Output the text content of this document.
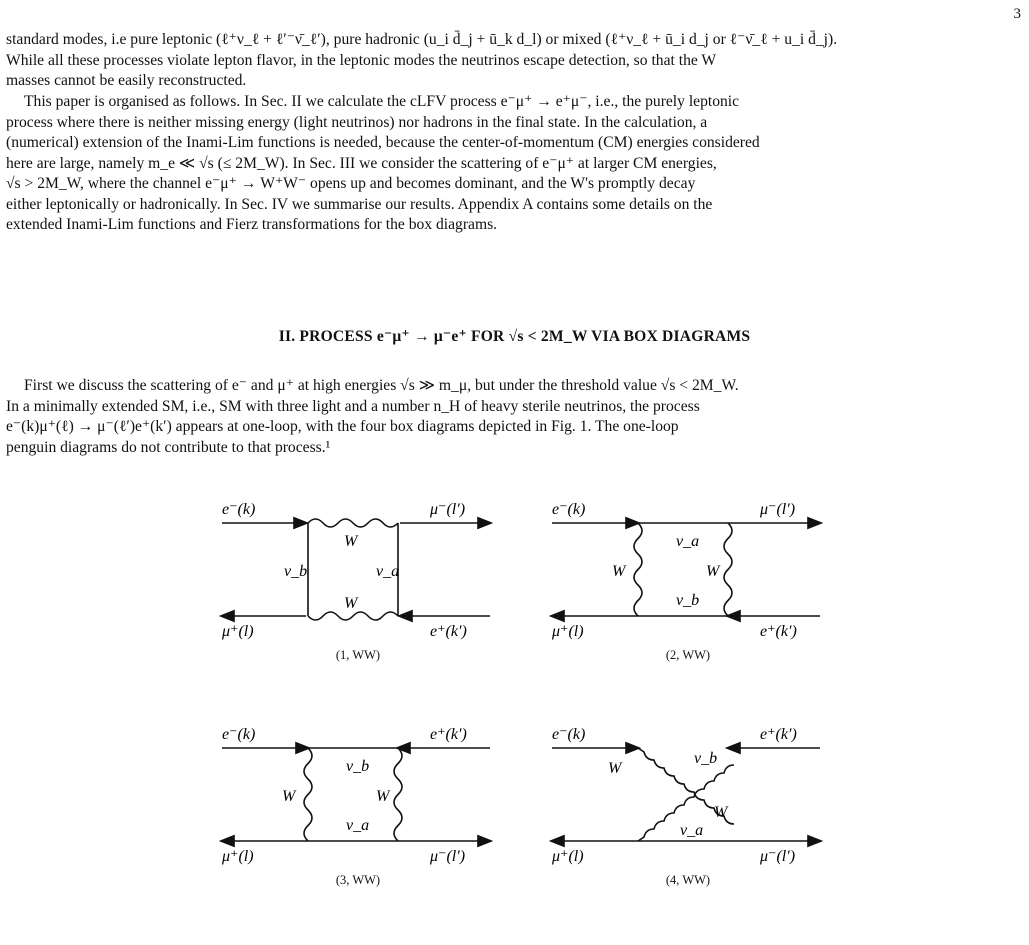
3
standard modes, i.e pure leptonic (ℓ⁺ν_ℓ + ℓ′⁻ν̄_ℓ′), pure hadronic (u_i d̄_j + ū_k d_l) or mixed (ℓ⁺ν_ℓ + ū_i d_j or ℓ⁻ν̄_ℓ + u_i d̄_j).
While all these processes violate lepton flavor, in the leptonic modes the neutrinos escape detection, so that the W
masses cannot be easily reconstructed.
This paper is organised as follows. In Sec. II we calculate the cLFV process e⁻μ⁺ → e⁺μ⁻, i.e., the purely leptonic
process where there is neither missing energy (light neutrinos) nor hadrons in the final state. In the calculation, a
(numerical) extension of the Inami-Lim functions is needed, because the center-of-momentum (CM) energies considered
here are large, namely m_e ≪ √s (≤ 2M_W). In Sec. III we consider the scattering of e⁻μ⁺ at larger CM energies,
√s > 2M_W, where the channel e⁻μ⁺ → W⁺W⁻ opens up and becomes dominant, and the W's promptly decay
either leptonically or hadronically. In Sec. IV we summarise our results. Appendix A contains some details on the
extended Inami-Lim functions and Fierz transformations for the box diagrams.
II. PROCESS e⁻μ⁺ → μ⁻e⁺ FOR √s < 2M_W VIA BOX DIAGRAMS
First we discuss the scattering of e⁻ and μ⁺ at high energies √s ≫ m_μ, but under the threshold value √s < 2M_W.
In a minimally extended SM, i.e., SM with three light and a number n_H of heavy sterile neutrinos, the process
e⁻(k)μ⁺(ℓ) → μ⁻(ℓ′)e⁺(k′) appears at one-loop, with the four box diagrams depicted in Fig. 1. The one-loop
penguin diagrams do not contribute to that process.¹
e⁻(k)	μ⁻(l′)
μ⁺(l)	e⁺(k′)
W
ν_b	ν_a
W
(1, WW)
e⁻(k)	μ⁻(l′)
μ⁺(l)	e⁺(k′)
ν_a
W	W
ν_b
(2, WW)
e⁻(k)	e⁺(k′)
μ⁺(l)	μ⁻(l′)
ν_b
W	W
ν_a
(3, WW)
e⁻(k)	e⁺(k′)
μ⁺(l)	μ⁻(l′)
ν_b
W
W
ν_a
(4, WW)
